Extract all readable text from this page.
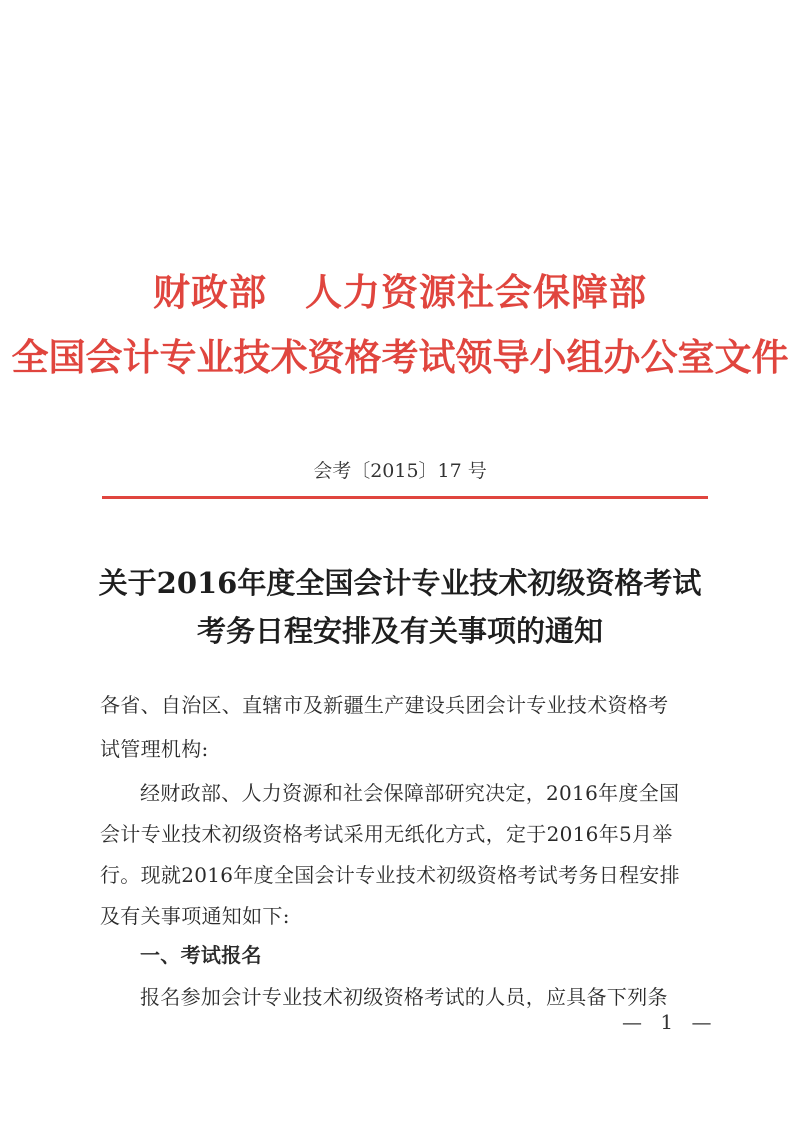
财政部　人力资源社会保障部
全国会计专业技术资格考试领导小组办公室文件
会考〔2015〕17 号
关于2016年度全国会计专业技术初级资格考试
考务日程安排及有关事项的通知
各省、自治区、直辖市及新疆生产建设兵团会计专业技术资格考
试管理机构:
经财政部、人力资源和社会保障部研究决定，2016年度全国
会计专业技术初级资格考试采用无纸化方式，定于2016年5月举
行。现就2016年度全国会计专业技术初级资格考试考务日程安排
及有关事项通知如下:
一、考试报名
报名参加会计专业技术初级资格考试的人员，应具备下列条
— 1 —
